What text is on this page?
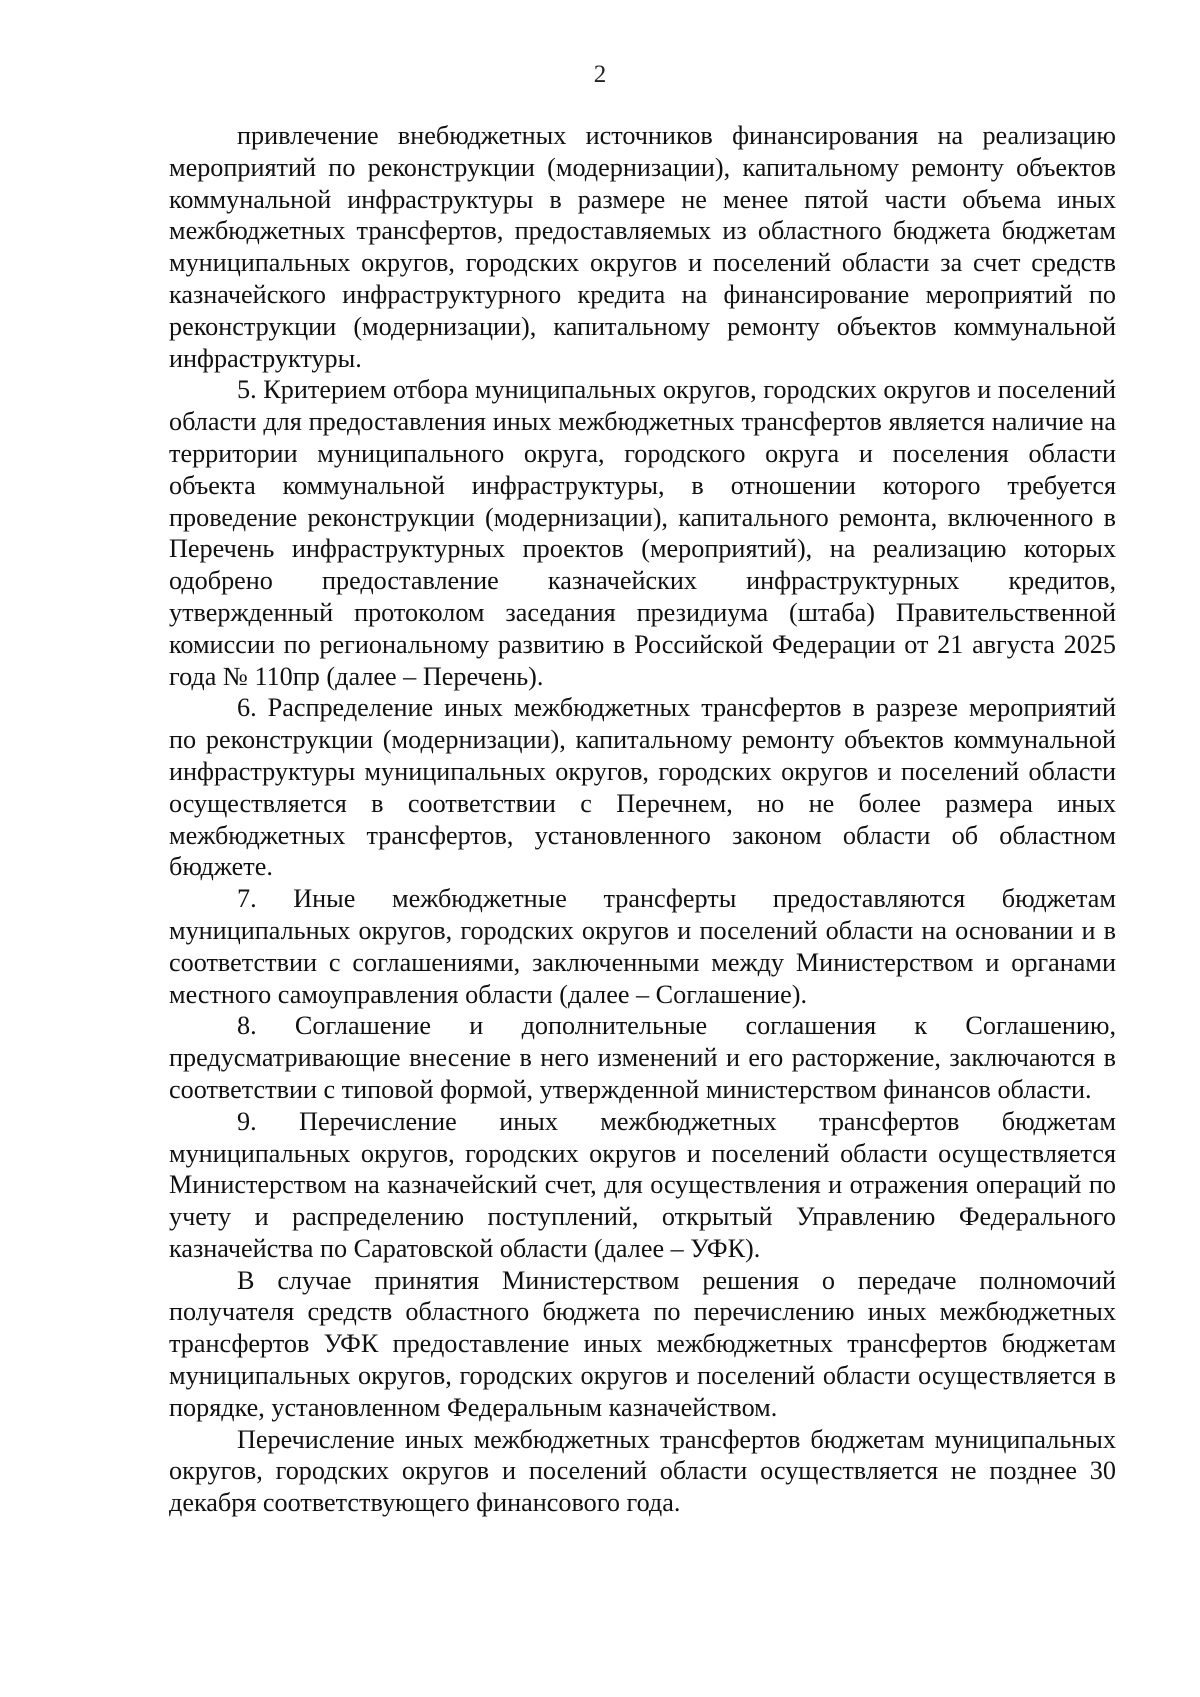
2

привлечение внебюджетных источников финансирования на реализацию мероприятий по реконструкции (модернизации), капитальному ремонту объектов коммунальной инфраструктуры в размере не менее пятой части объема иных межбюджетных трансфертов, предоставляемых из областного бюджета бюджетам муниципальных округов, городских округов и поселений области за счет средств казначейского инфраструктурного кредита на финансирование мероприятий по реконструкции (модернизации), капитальному ремонту объектов коммунальной инфраструктуры.

5. Критерием отбора муниципальных округов, городских округов и поселений области для предоставления иных межбюджетных трансфертов является наличие на территории муниципального округа, городского округа и поселения области объекта коммунальной инфраструктуры, в отношении которого требуется проведение реконструкции (модернизации), капитального ремонта, включенного в Перечень инфраструктурных проектов (мероприятий), на реализацию которых одобрено предоставление казначейских инфраструктурных кредитов, утвержденный протоколом заседания президиума (штаба) Правительственной комиссии по региональному развитию в Российской Федерации от 21 августа 2025 года № 110пр (далее – Перечень).

6. Распределение иных межбюджетных трансфертов в разрезе мероприятий по реконструкции (модернизации), капитальному ремонту объектов коммунальной инфраструктуры муниципальных округов, городских округов и поселений области осуществляется в соответствии с Перечнем, но не более размера иных межбюджетных трансфертов, установленного законом области об областном бюджете.

7. Иные межбюджетные трансферты предоставляются бюджетам муниципальных округов, городских округов и поселений области на основании и в соответствии с соглашениями, заключенными между Министерством и органами местного самоуправления области (далее – Соглашение).

8. Соглашение и дополнительные соглашения к Соглашению, предусматривающие внесение в него изменений и его расторжение, заключаются в соответствии с типовой формой, утвержденной министерством финансов области.

9. Перечисление иных межбюджетных трансфертов бюджетам муниципальных округов, городских округов и поселений области осуществляется Министерством на казначейский счет, для осуществления и отражения операций по учету и распределению поступлений, открытый Управлению Федерального казначейства по Саратовской области (далее – УФК).

В случае принятия Министерством решения о передаче полномочий получателя средств областного бюджета по перечислению иных межбюджетных трансфертов УФК предоставление иных межбюджетных трансфертов бюджетам муниципальных округов, городских округов и поселений области осуществляется в порядке, установленном Федеральным казначейством.

Перечисление иных межбюджетных трансфертов бюджетам муниципальных округов, городских округов и поселений области осуществляется не позднее 30 декабря соответствующего финансового года.
